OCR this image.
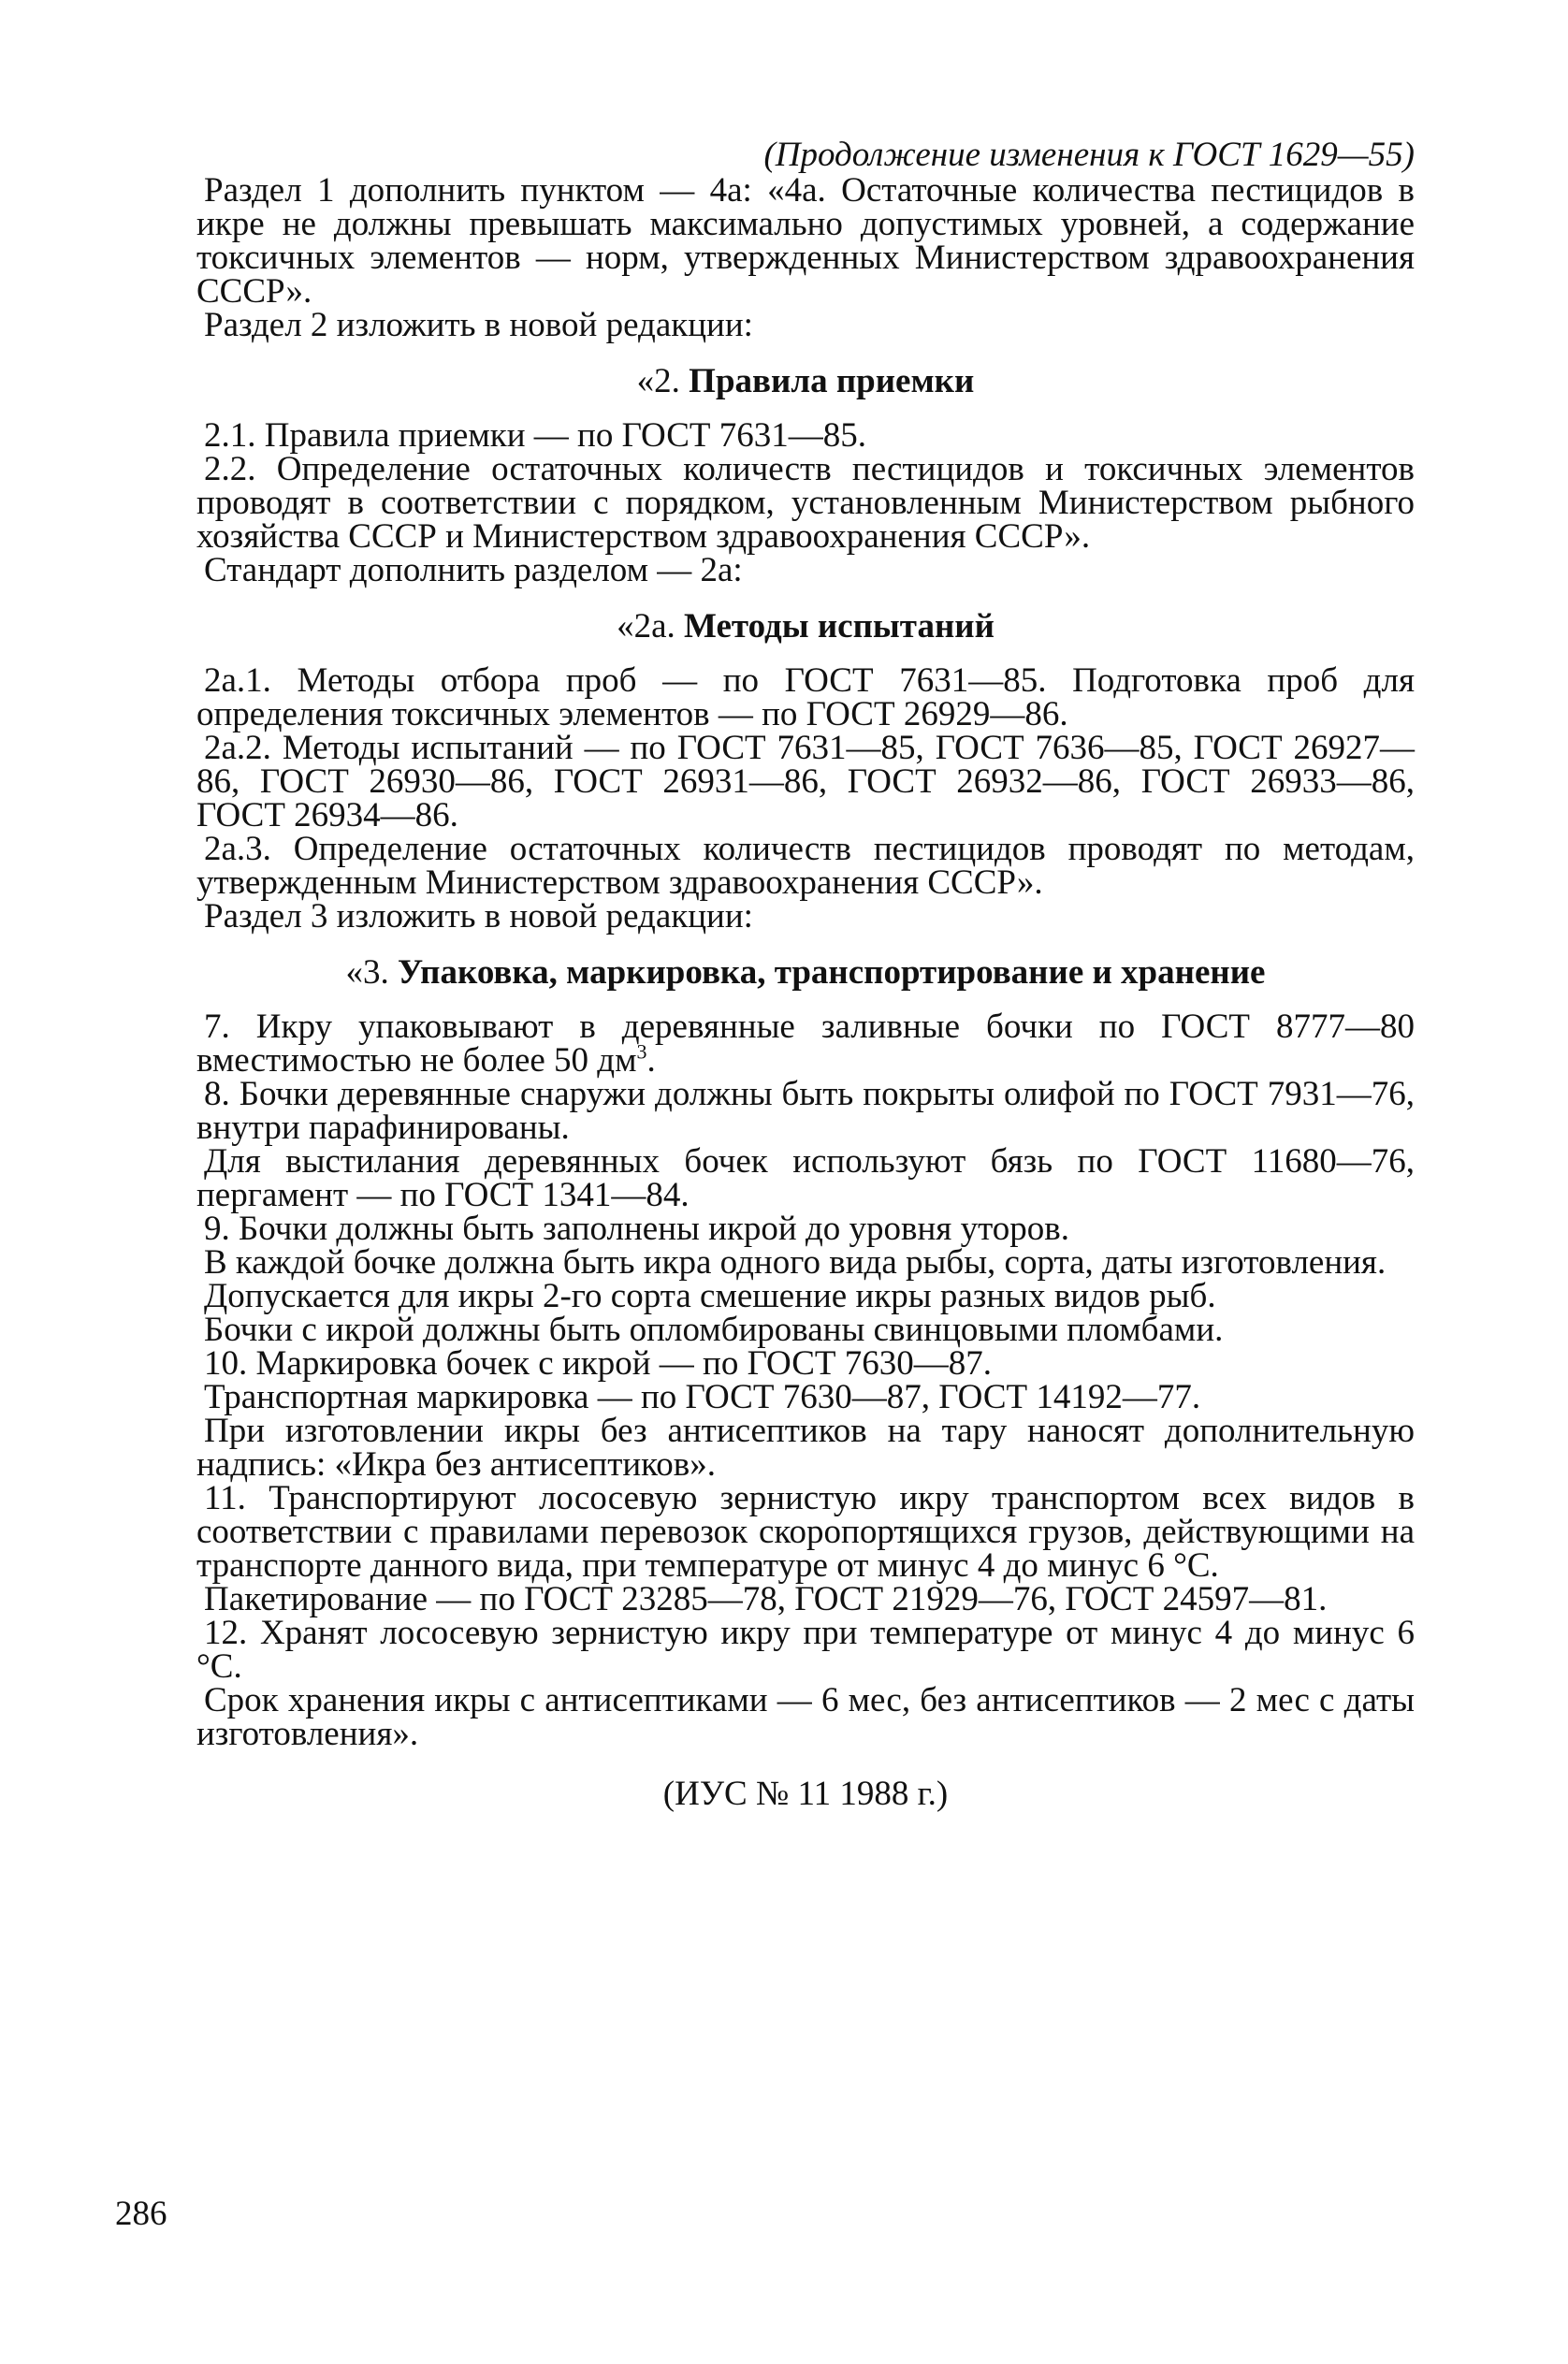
(Продолжение изменения к ГОСТ 1629—55)
Раздел 1 дополнить пунктом — 4а: «4а. Остаточные количества пестицидов в икре не должны превышать максимально допустимых уровней, а содержание токсичных элементов — норм, утвержденных Министерством здравоохранения СССР».
Раздел 2 изложить в новой редакции:
«2. Правила приемки
2.1. Правила приемки — по ГОСТ 7631—85.
2.2. Определение остаточных количеств пестицидов и токсичных элементов проводят в соответствии с порядком, установленным Министерством рыбного хозяйства СССР и Министерством здравоохранения СССР».
Стандарт дополнить разделом — 2а:
«2а. Методы испытаний
2а.1. Методы отбора проб — по ГОСТ 7631—85. Подготовка проб для определения токсичных элементов — по ГОСТ 26929—86.
2а.2. Методы испытаний — по ГОСТ 7631—85, ГОСТ 7636—85, ГОСТ 26927—86, ГОСТ 26930—86, ГОСТ 26931—86, ГОСТ 26932—86, ГОСТ 26933—86, ГОСТ 26934—86.
2а.3. Определение остаточных количеств пестицидов проводят по методам, утвержденным Министерством здравоохранения СССР».
Раздел 3 изложить в новой редакции:
«3. Упаковка, маркировка, транспортирование и хранение
7. Икру упаковывают в деревянные заливные бочки по ГОСТ 8777—80 вместимостью не более 50 $дм^3$.
8. Бочки деревянные снаружи должны быть покрыты олифой по ГОСТ 7931—76, внутри парафинированы.
Для выстилания деревянных бочек используют бязь по ГОСТ 11680—76, пергамент — по ГОСТ 1341—84.
9. Бочки должны быть заполнены икрой до уровня уторов.
В каждой бочке должна быть икра одного вида рыбы, сорта, даты изготовления.
Допускается для икры 2-го сорта смешение икры разных видов рыб.
Бочки с икрой должны быть опломбированы свинцовыми пломбами.
10. Маркировка бочек с икрой — по ГОСТ 7630—87.
Транспортная маркировка — по ГОСТ 7630—87, ГОСТ 14192—77.
При изготовлении икры без антисептиков на тару наносят дополнительную надпись: «Икра без антисептиков».
11. Транспортируют лососевую зернистую икру транспортом всех видов в соответствии с правилами перевозок скоропортящихся грузов, действующими на транспорте данного вида, при температуре от минус 4 до минус 6 °С.
Пакетирование — по ГОСТ 23285—78, ГОСТ 21929—76, ГОСТ 24597—81.
12. Хранят лососевую зернистую икру при температуре от минус 4 до минус 6 °С.
Срок хранения икры с антисептиками — 6 мес, без антисептиков — 2 мес с даты изготовления».
(ИУС № 11 1988 г.)
286
